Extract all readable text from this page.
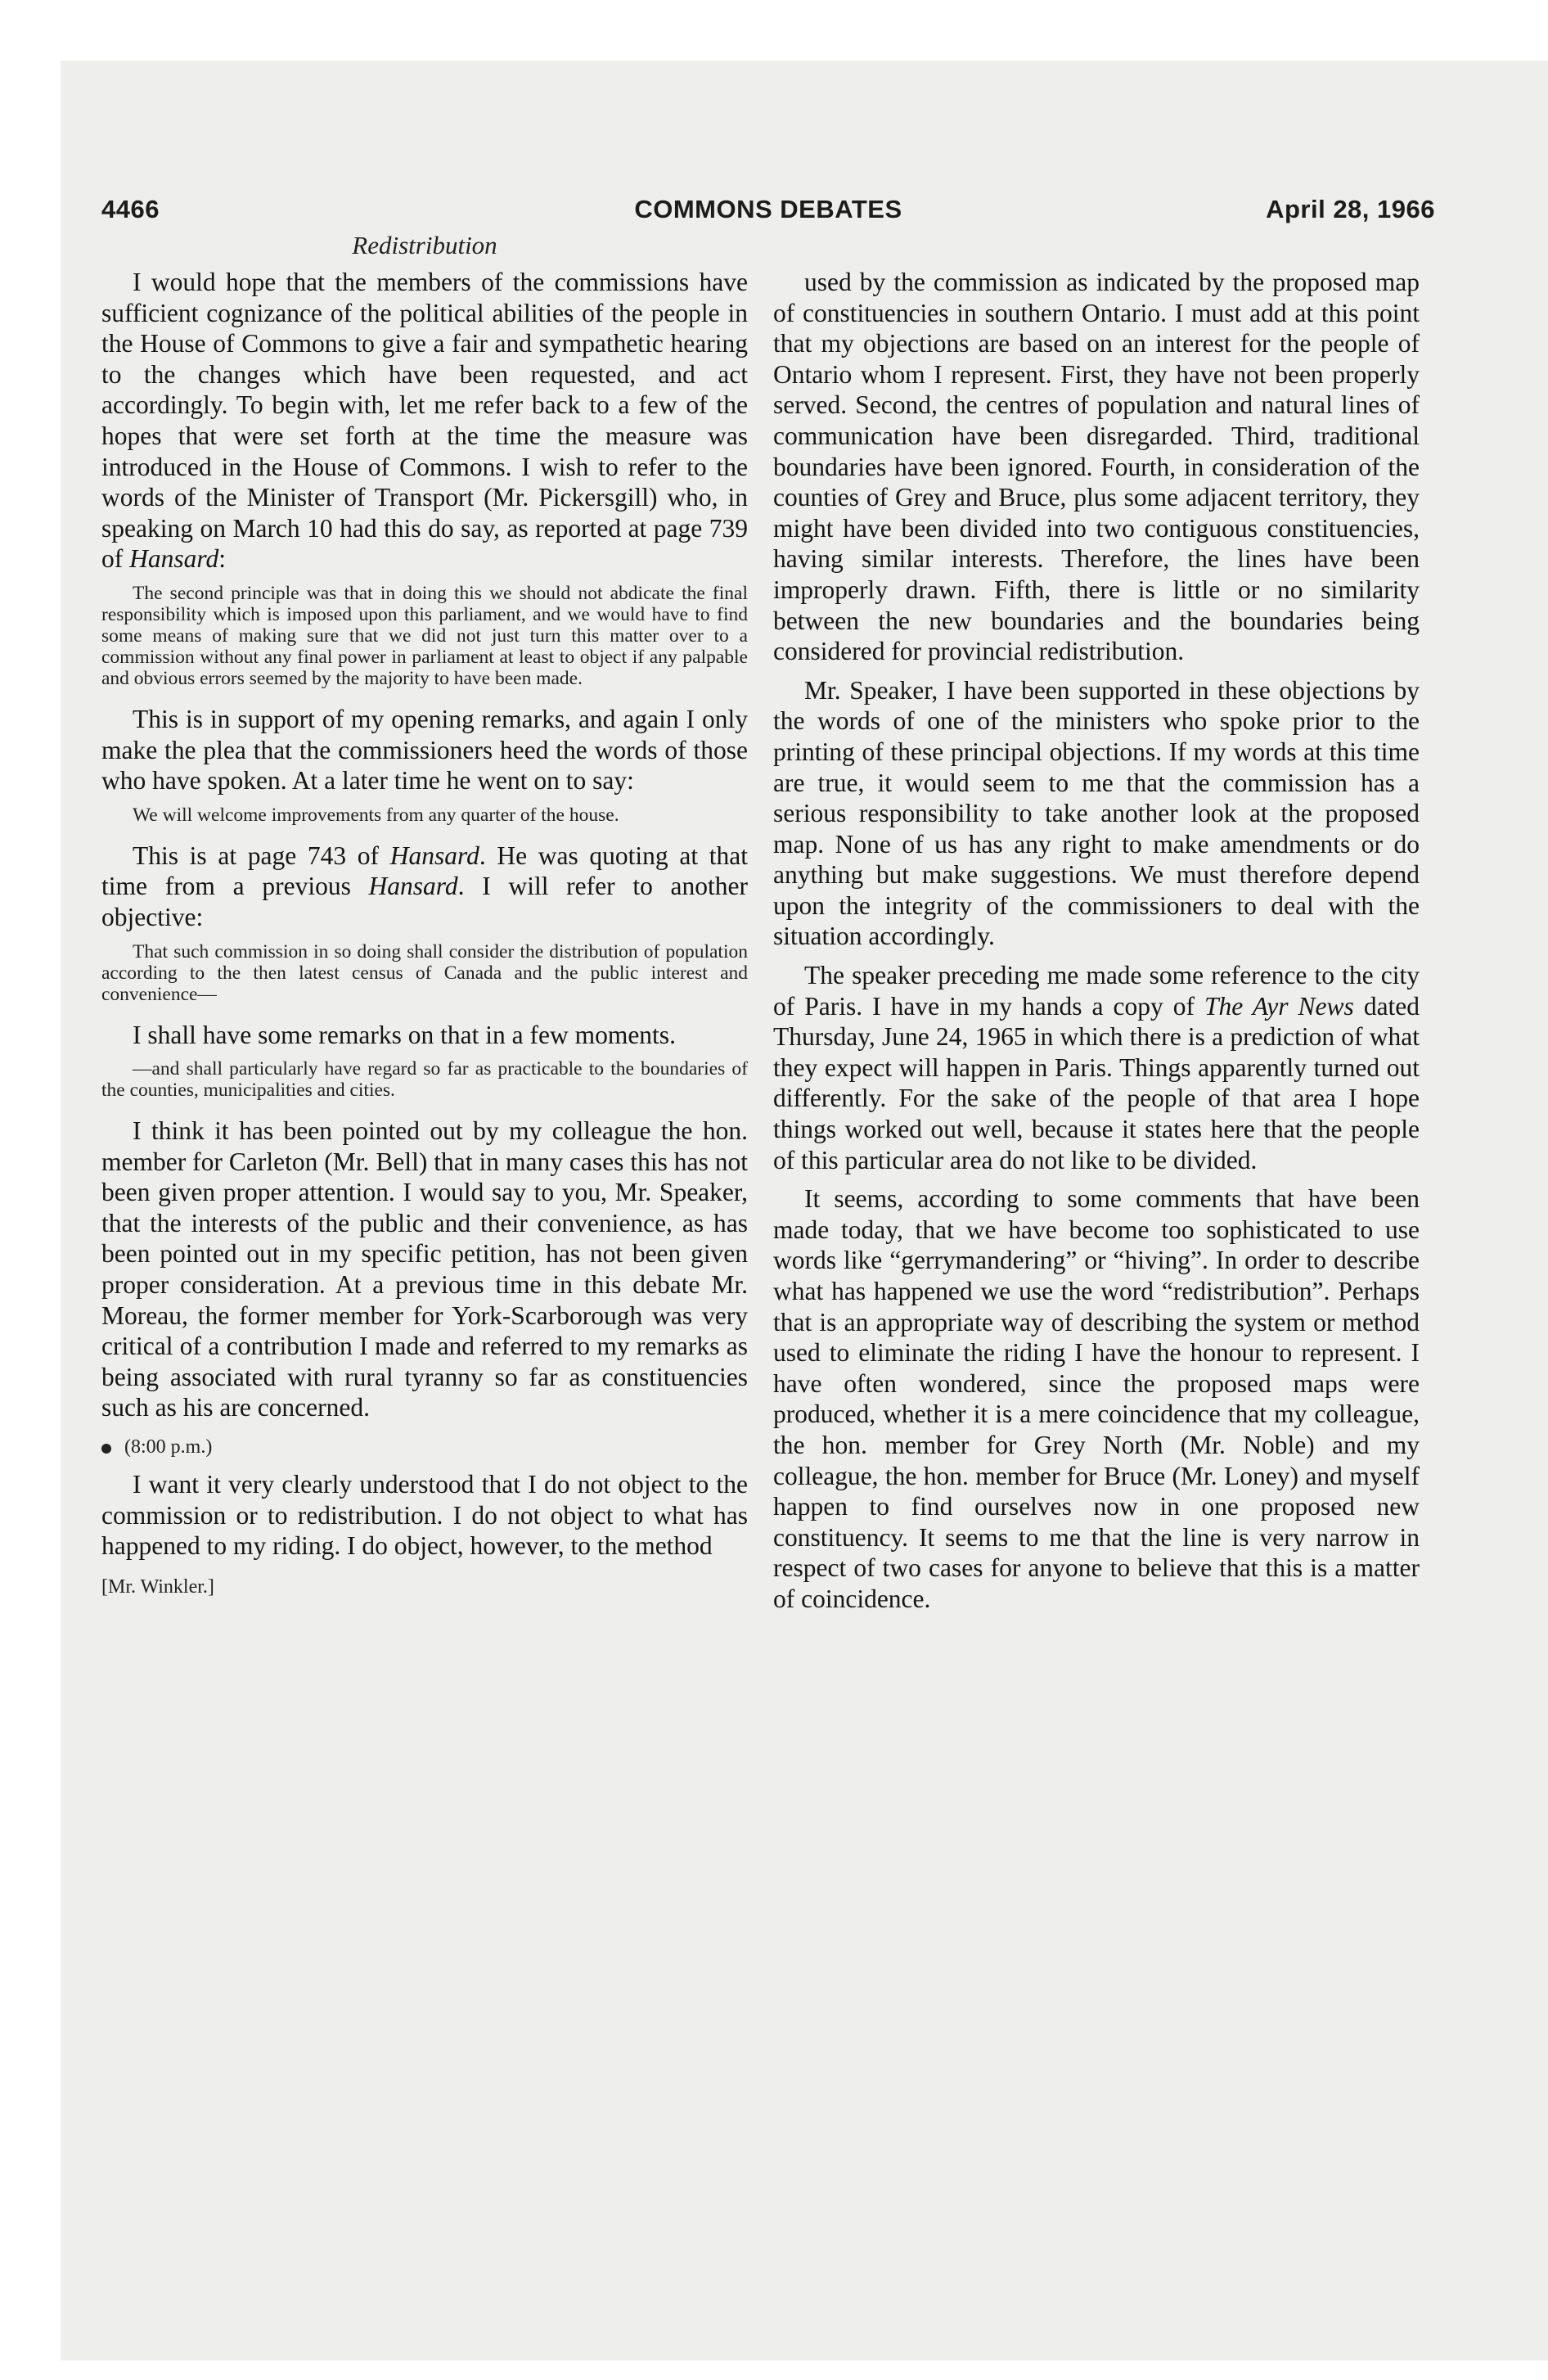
4466	COMMONS DEBATES	April 28, 1966
Redistribution

I would hope that the members of the commissions have sufficient cognizance of the political abilities of the people in the House of Commons to give a fair and sympathetic hearing to the changes which have been requested, and act accordingly. To begin with, let me refer back to a few of the hopes that were set forth at the time the measure was introduced in the House of Commons. I wish to refer to the words of the Minister of Transport (Mr. Pickersgill) who, in speaking on March 10 had this do say, as reported at page 739 of Hansard:

The second principle was that in doing this we should not abdicate the final responsibility which is imposed upon this parliament, and we would have to find some means of making sure that we did not just turn this matter over to a commission without any final power in parliament at least to object if any palpable and obvious errors seemed by the majority to have been made.

This is in support of my opening remarks, and again I only make the plea that the commissioners heed the words of those who have spoken. At a later time he went on to say:

We will welcome improvements from any quarter of the house.

This is at page 743 of Hansard. He was quoting at that time from a previous Hansard. I will refer to another objective:

That such commission in so doing shall consider the distribution of population according to the then latest census of Canada and the public interest and convenience—

I shall have some remarks on that in a few moments.

—and shall particularly have regard so far as practicable to the boundaries of the counties, municipalities and cities.

I think it has been pointed out by my colleague the hon. member for Carleton (Mr. Bell) that in many cases this has not been given proper attention. I would say to you, Mr. Speaker, that the interests of the public and their convenience, as has been pointed out in my specific petition, has not been given proper consideration. At a previous time in this debate Mr. Moreau, the former member for York-Scarborough was very critical of a contribution I made and referred to my remarks as being associated with rural tyranny so far as constituencies such as his are concerned.

(8:00 p.m.)

I want it very clearly understood that I do not object to the commission or to redistribution. I do not object to what has happened to my riding. I do object, however, to the method

[Mr. Winkler.]

used by the commission as indicated by the proposed map of constituencies in southern Ontario. I must add at this point that my objections are based on an interest for the people of Ontario whom I represent. First, they have not been properly served. Second, the centres of population and natural lines of communication have been disregarded. Third, traditional boundaries have been ignored. Fourth, in consideration of the counties of Grey and Bruce, plus some adjacent territory, they might have been divided into two contiguous constituencies, having similar interests. Therefore, the lines have been improperly drawn. Fifth, there is little or no similarity between the new boundaries and the boundaries being considered for provincial redistribution.

Mr. Speaker, I have been supported in these objections by the words of one of the ministers who spoke prior to the printing of these principal objections. If my words at this time are true, it would seem to me that the commission has a serious responsibility to take another look at the proposed map. None of us has any right to make amendments or do anything but make suggestions. We must therefore depend upon the integrity of the commissioners to deal with the situation accordingly.

The speaker preceding me made some reference to the city of Paris. I have in my hands a copy of The Ayr News dated Thursday, June 24, 1965 in which there is a prediction of what they expect will happen in Paris. Things apparently turned out differently. For the sake of the people of that area I hope things worked out well, because it states here that the people of this particular area do not like to be divided.

It seems, according to some comments that have been made today, that we have become too sophisticated to use words like “gerrymandering” or “hiving”. In order to describe what has happened we use the word “redistribution”. Perhaps that is an appropriate way of describing the system or method used to eliminate the riding I have the honour to represent. I have often wondered, since the proposed maps were produced, whether it is a mere coincidence that my colleague, the hon. member for Grey North (Mr. Noble) and my colleague, the hon. member for Bruce (Mr. Loney) and myself happen to find ourselves now in one proposed new constituency. It seems to me that the line is very narrow in respect of two cases for anyone to believe that this is a matter of coincidence.
